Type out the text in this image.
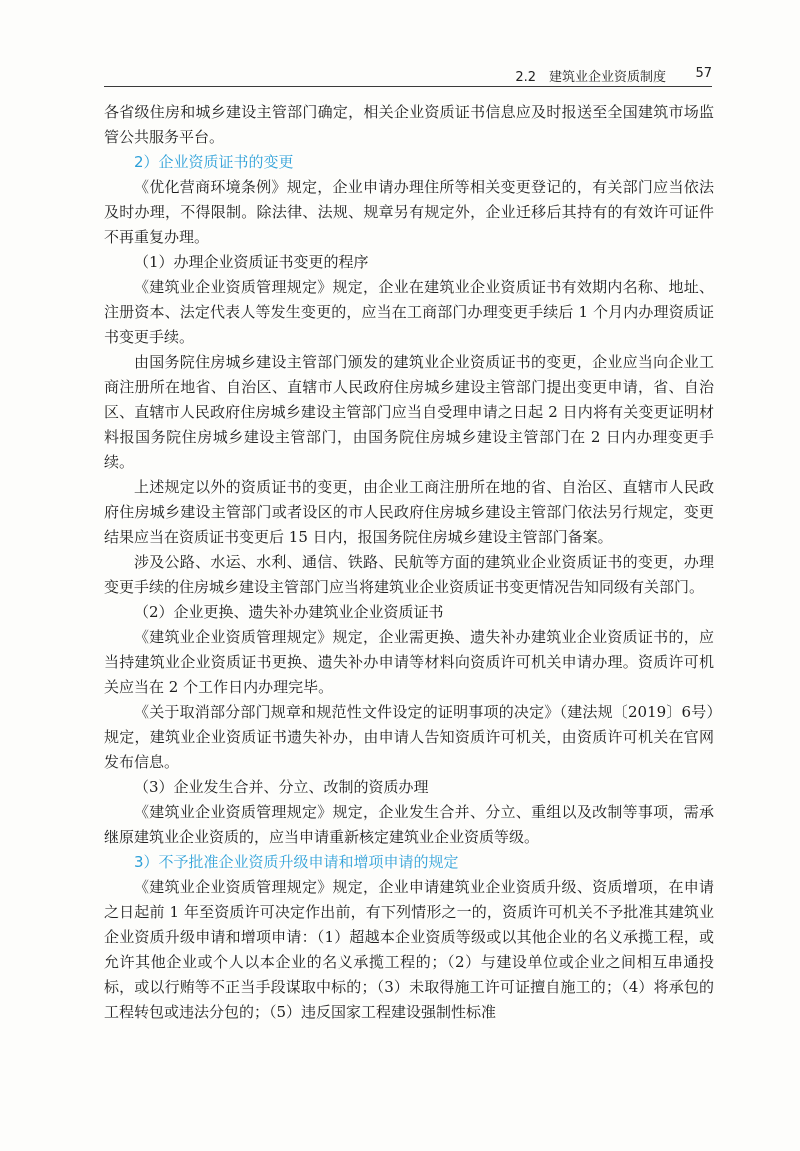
2.2　建筑业企业资质制度 57

各省级住房和城乡建设主管部门确定，相关企业资质证书信息应及时报送至全国建筑市场监管公共服务平台。

2）企业资质证书的变更

《优化营商环境条例》规定，企业申请办理住所等相关变更登记的，有关部门应当依法及时办理，不得限制。除法律、法规、规章另有规定外，企业迁移后其持有的有效许可证件不再重复办理。

（1）办理企业资质证书变更的程序

《建筑业企业资质管理规定》规定，企业在建筑业企业资质证书有效期内名称、地址、注册资本、法定代表人等发生变更的，应当在工商部门办理变更手续后 1 个月内办理资质证书变更手续。

由国务院住房城乡建设主管部门颁发的建筑业企业资质证书的变更，企业应当向企业工商注册所在地省、自治区、直辖市人民政府住房城乡建设主管部门提出变更申请，省、自治区、直辖市人民政府住房城乡建设主管部门应当自受理申请之日起 2 日内将有关变更证明材料报国务院住房城乡建设主管部门，由国务院住房城乡建设主管部门在 2 日内办理变更手续。

上述规定以外的资质证书的变更，由企业工商注册所在地的省、自治区、直辖市人民政府住房城乡建设主管部门或者设区的市人民政府住房城乡建设主管部门依法另行规定，变更结果应当在资质证书变更后 15 日内，报国务院住房城乡建设主管部门备案。

涉及公路、水运、水利、通信、铁路、民航等方面的建筑业企业资质证书的变更，办理变更手续的住房城乡建设主管部门应当将建筑业企业资质证书变更情况告知同级有关部门。

（2）企业更换、遗失补办建筑业企业资质证书

《建筑业企业资质管理规定》规定，企业需更换、遗失补办建筑业企业资质证书的，应当持建筑业企业资质证书更换、遗失补办申请等材料向资质许可机关申请办理。资质许可机关应当在 2 个工作日内办理完毕。

《关于取消部分部门规章和规范性文件设定的证明事项的决定》（建法规〔2019〕6号）规定，建筑业企业资质证书遗失补办，由申请人告知资质许可机关，由资质许可机关在官网发布信息。

（3）企业发生合并、分立、改制的资质办理

《建筑业企业资质管理规定》规定，企业发生合并、分立、重组以及改制等事项，需承继原建筑业企业资质的，应当申请重新核定建筑业企业资质等级。

3）不予批准企业资质升级申请和增项申请的规定

《建筑业企业资质管理规定》规定，企业申请建筑业企业资质升级、资质增项，在申请之日起前 1 年至资质许可决定作出前，有下列情形之一的，资质许可机关不予批准其建筑业企业资质升级申请和增项申请：（1）超越本企业资质等级或以其他企业的名义承揽工程，或允许其他企业或个人以本企业的名义承揽工程的；（2）与建设单位或企业之间相互串通投标，或以行贿等不正当手段谋取中标的；（3）未取得施工许可证擅自施工的；（4）将承包的工程转包或违法分包的；（5）违反国家工程建设强制性标准
